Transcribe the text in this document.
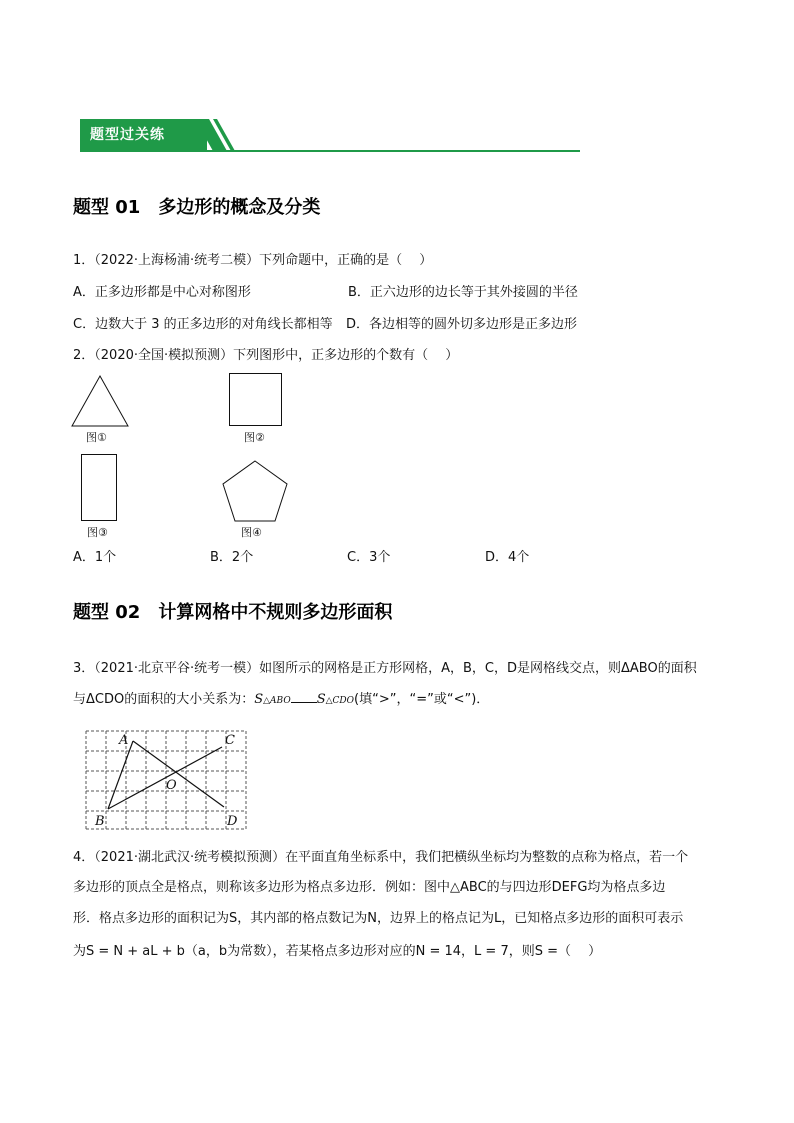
题型过关练
题型 01 多边形的概念及分类
1．（2022·上海杨浦·统考二模）下列命题中，正确的是（　 ）
A．正多边形都是中心对称图形	B．正六边形的边长等于其外接圆的半径
C．边数大于 3 的正多边形的对角线长都相等 D．各边相等的圆外切多边形是正多边形
2．（2020·全国·模拟预测）下列图形中，正多边形的个数有（　 ）
图①	图②
图③	图④
A．1个	B．2个	C．3个	D．4个
题型 02 计算网格中不规则多边形面积
3．（2021·北京平谷·统考一模）如图所示的网格是正方形网格，A，B，C，D是网格线交点，则ΔABO的面积
与ΔCDO的面积的大小关系为：S△ABO S△CDO(填“>”，“=”或“<”)．
A	C
O
B	D
4．（2021·湖北武汉·统考模拟预测）在平面直角坐标系中，我们把横纵坐标均为整数的点称为格点，若一个
多边形的顶点全是格点，则称该多边形为格点多边形．例如：图中△ABC的与四边形DEFG均为格点多边
形．格点多边形的面积记为S，其内部的格点数记为N，边界上的格点记为L，已知格点多边形的面积可表示
为S = N + aL + b（a，b为常数），若某格点多边形对应的N = 14，L = 7，则S =（　 ）
